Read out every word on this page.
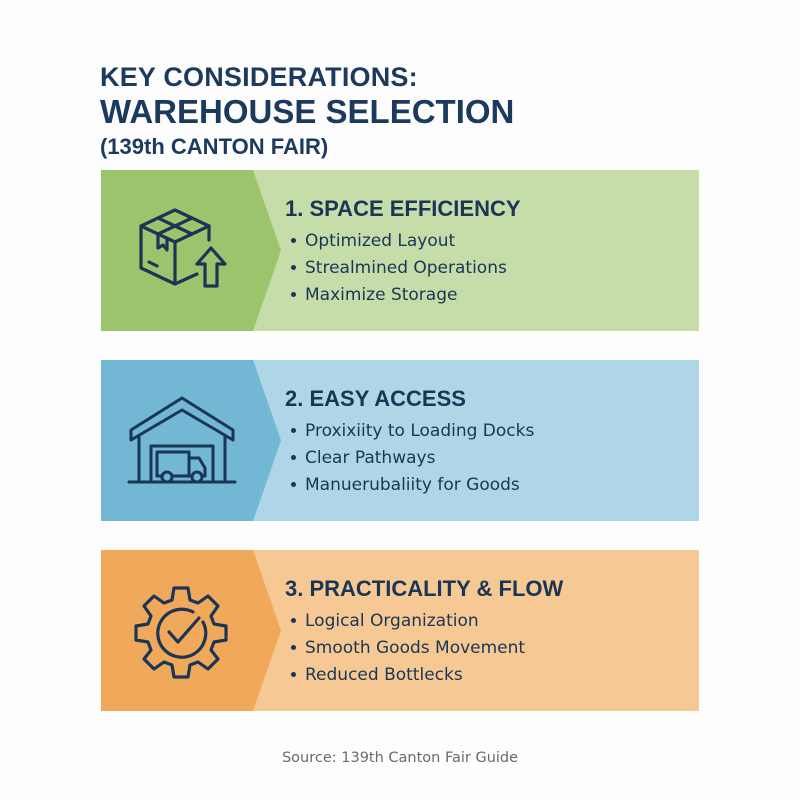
KEY CONSIDERATIONS:
WAREHOUSE SELECTION
(139th CANTON FAIR)
1. SPACE EFFICIENCY
Optimized Layout
Strealmined Operations
Maximize Storage
2. EASY ACCESS
Proxixiity to Loading Docks
Clear Pathways
Manuerubaliity for Goods
3. PRACTICALITY & FLOW
Logical Organization
Smooth Goods Movement
Reduced Bottlecks
Source: 139th Canton Fair Guide
